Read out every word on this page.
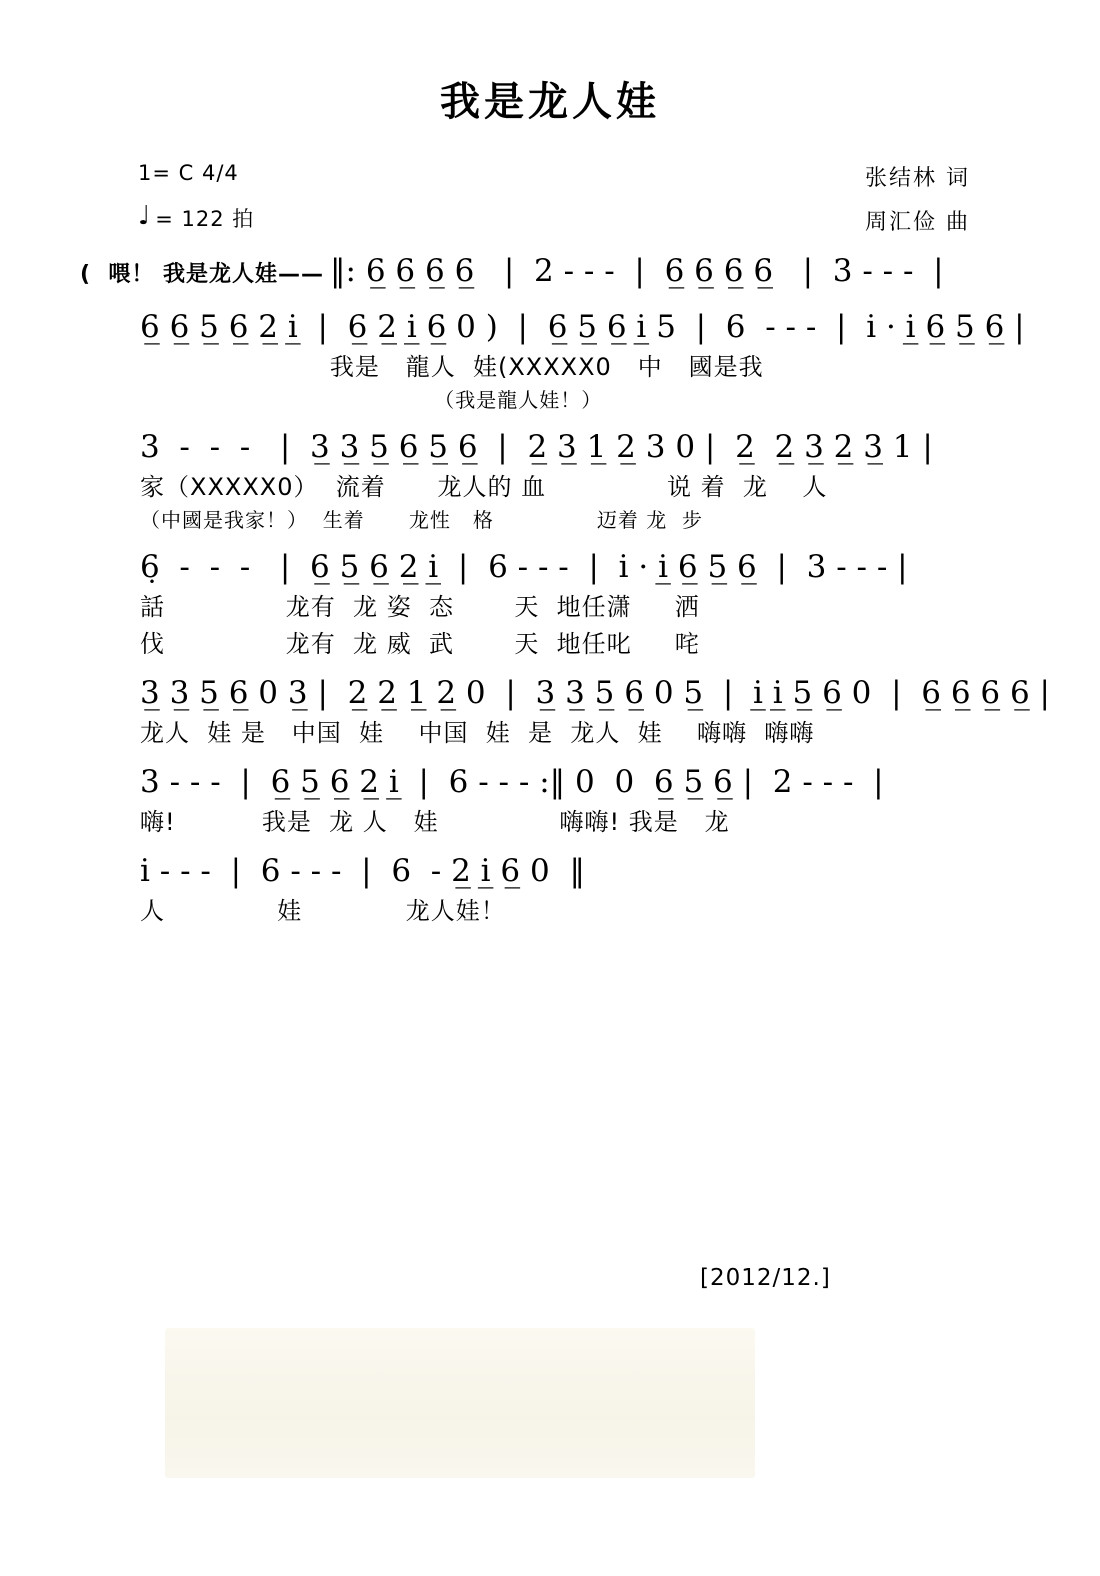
我是龙人娃
1= C 4/4
♩ = 122 拍
张结林 词
周汇俭 曲
(  喂！ 我是龙人娃—— ‖: 6̲ 6̲ 6̲ 6̲   |  2 - - -  |  6̲ 6̲ 6̲ 6̲   |  3 - - -  |
6̲ 6̲ 5̲ 6̲ 2̲ i̲  |  6̲ 2̲ i̲ 6̲ 0 )  |  6̲ 5̲ 6̲ i̲ 5  |  6  - - -  |  i · i̲ 6̲ 5̲ 6̲ |
我是   龍人  娃(ⅩⅩⅩⅩⅩ0   中   國是我
（我是龍人娃！）
3  -  -  -   |  3̲ 3̲ 5̲ 6̲ 5̲ 6̲  |  2̲ 3̲ 1̲ 2̲ 3 0 |  2̲  2̲ 3̲ 2̲ 3̲ 1 |
家（ⅩⅩⅩⅩⅩ0）  流着      龙人的 血              说 着  龙    人
（中國是我家！）  生着      龙性   格              迈着 龙  步
6̣  -  -  -   |  6̲ 5̲ 6̲ 2̲ i̲  |  6 - - -  |  i · i̲ 6̲ 5̲ 6̲  |  3 - - - |
話              龙有  龙 姿  态       天  地任潇     洒
伐              龙有  龙 威  武       天  地任叱     咤
3̲ 3̲ 5̲ 6̲ 0 3̲ |  2̲ 2̲ 1̲ 2̲ 0  |  3̲ 3̲ 5̲ 6̲ 0 5̲  |  i̲ i̲ 5̲ 6̲ 0  |  6̲ 6̲ 6̲ 6̲ |
龙人  娃 是   中国  娃    中国  娃  是  龙人  娃    嗨嗨  嗨嗨
3 - - -  |  6̲ 5̲ 6̲ 2̲ i̲  |  6 - - - :‖ 0  0  6̲ 5̲ 6̲ |  2 - - -  |
嗨!          我是  龙 人   娃              嗨嗨! 我是   龙
i - - -  |  6 - - -  |  6  - 2̲ i̲ 6̲ 0  ‖
人             娃            龙人娃！
[2012/12.]
